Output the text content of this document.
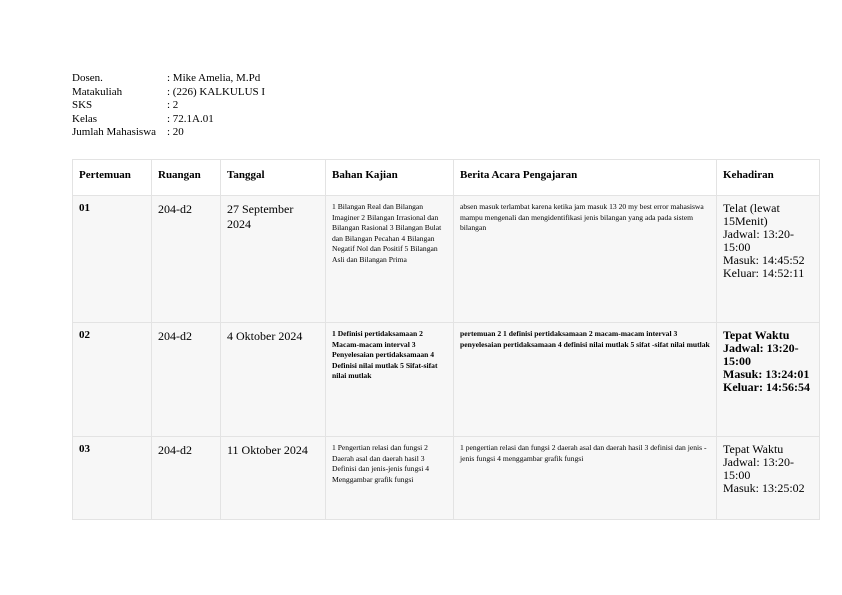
Dosen.	: Mike Amelia, M.Pd
Matakuliah	: (226) KALKULUS I
SKS	: 2
Kelas	: 72.1A.01
Jumlah Mahasiswa : 20
Pertemuan	Ruangan	Tanggal	Bahan Kajian	Berita Acara Pengajaran	Kehadiran
01	204-d2	27 September 2024	1 Bilangan Real dan Bilangan Imaginer 2 Bilangan Irrasional dan Bilangan Rasional 3 Bilangan Bulat dan Bilangan Pecahan 4 Bilangan Negatif Nol dan Positif 5 Bilangan Asli dan Bilangan Prima	absen masuk terlambat karena ketika jam masuk 13 20 my best error mahasiswa mampu mengenali dan mengidentifikasi jenis bilangan yang ada pada sistem bilangan	Telat (lewat 15Menit)
Jadwal: 13:20-15:00
Masuk: 14:45:52
Keluar: 14:52:11

02	204-d2	4 Oktober 2024	1 Definisi pertidaksamaan 2 Macam-macam interval 3 Penyelesaian pertidaksamaan 4 Definisi nilai mutlak 5 Sifat-sifat nilai mutlak	pertemuan 2 1 definisi pertidaksamaan 2 macam-macam interval 3 penyelesaian pertidaksamaan 4 definisi nilai mutlak 5 sifat -sifat nilai mutlak	Tepat Waktu
Jadwal: 13:20-15:00
Masuk: 13:24:01
Keluar: 14:56:54

03	204-d2	11 Oktober 2024	1 Pengertian relasi dan fungsi 2 Daerah asal dan daerah hasil 3 Definisi dan jenis-jenis fungsi 4 Menggambar grafik fungsi	1 pengertian relasi dan fungsi 2 daerah asal dan daerah hasil 3 definisi dan jenis -jenis fungsi 4 menggambar grafik fungsi	Tepat Waktu
Jadwal: 13:20-15:00
Masuk: 13:25:02
